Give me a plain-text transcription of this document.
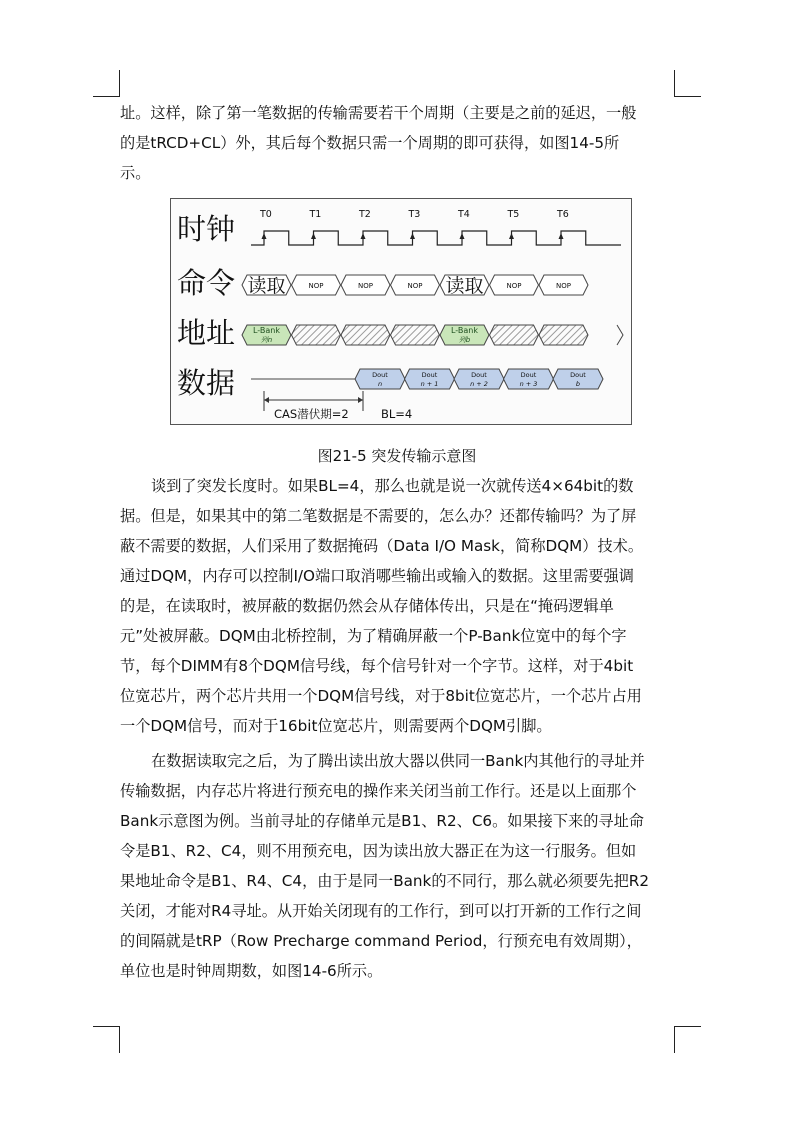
址。这样，除了第一笔数据的传输需要若干个周期（主要是之前的延迟，一般
的是tRCD+CL）外，其后每个数据只需一个周期的即可获得，如图14-5所
示。
时钟
命令
地址
数据
T0	T1	T2	T3	T4	T5	T6
读取	NOP	NOP	NOP 读取	NOP	NOP
L-Bank
列n
L-Bank
列b
Dout
n
Dout
n + 1
Dout
n + 2
Dout
n + 3
Dout
b
CAS潜伏期=2	BL=4
图21-5 突发传输示意图
谈到了突发长度时。如果BL=4，那么也就是说一次就传送4×64bit的数
据。但是，如果其中的第二笔数据是不需要的，怎么办？还都传输吗？为了屏
蔽不需要的数据，人们采用了数据掩码（Data I/O Mask，简称DQM）技术。
通过DQM，内存可以控制I/O端口取消哪些输出或输入的数据。这里需要强调
的是，在读取时，被屏蔽的数据仍然会从存储体传出，只是在“掩码逻辑单
元”处被屏蔽。DQM由北桥控制，为了精确屏蔽一个P-Bank位宽中的每个字
节，每个DIMM有8个DQM信号线，每个信号针对一个字节。这样，对于4bit
位宽芯片，两个芯片共用一个DQM信号线，对于8bit位宽芯片，一个芯片占用
一个DQM信号，而对于16bit位宽芯片，则需要两个DQM引脚。
在数据读取完之后，为了腾出读出放大器以供同一Bank内其他行的寻址并
传输数据，内存芯片将进行预充电的操作来关闭当前工作行。还是以上面那个
Bank示意图为例。当前寻址的存储单元是B1、R2、C6。如果接下来的寻址命
令是B1、R2、C4，则不用预充电，因为读出放大器正在为这一行服务。但如
果地址命令是B1、R4、C4，由于是同一Bank的不同行，那么就必须要先把R2
关闭，才能对R4寻址。从开始关闭现有的工作行，到可以打开新的工作行之间
的间隔就是tRP（Row Precharge command Period，行预充电有效周期），
单位也是时钟周期数，如图14-6所示。
